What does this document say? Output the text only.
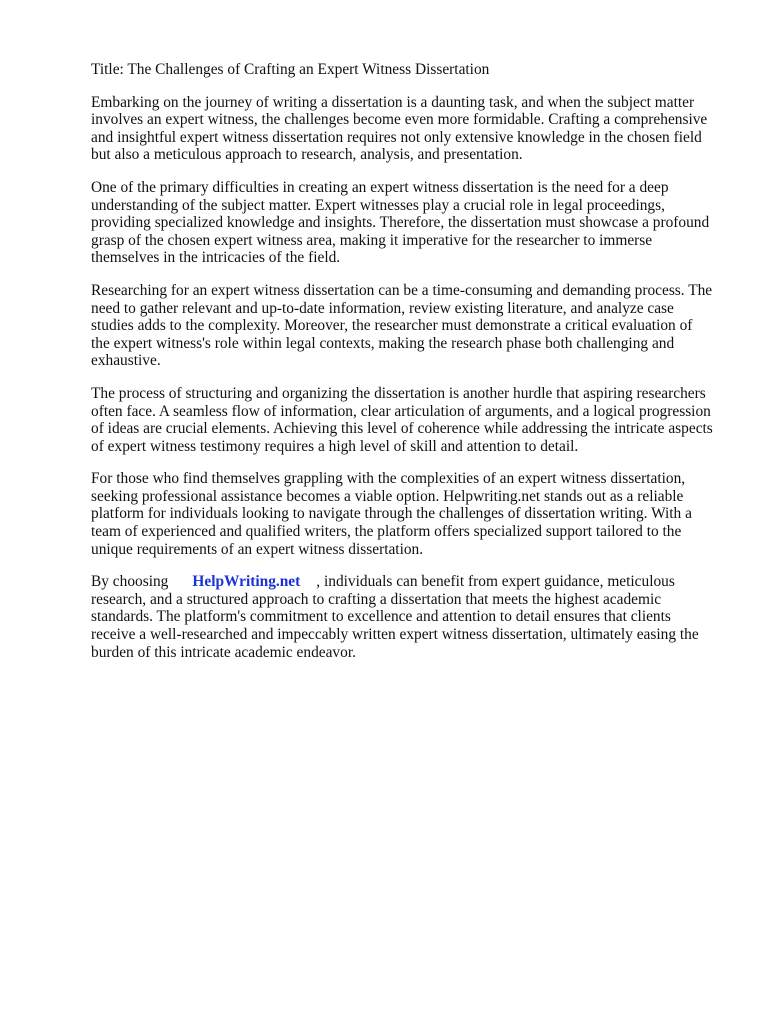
Title: The Challenges of Crafting an Expert Witness Dissertation

Embarking on the journey of writing a dissertation is a daunting task, and when the subject matter

involves an expert witness, the challenges become even more formidable. Crafting a comprehensive

and insightful expert witness dissertation requires not only extensive knowledge in the chosen field

but also a meticulous approach to research, analysis, and presentation.

One of the primary difficulties in creating an expert witness dissertation is the need for a deep

understanding of the subject matter. Expert witnesses play a crucial role in legal proceedings,

providing specialized knowledge and insights. Therefore, the dissertation must showcase a profound

grasp of the chosen expert witness area, making it imperative for the researcher to immerse

themselves in the intricacies of the field.

Researching for an expert witness dissertation can be a time-consuming and demanding process. The

need to gather relevant and up-to-date information, review existing literature, and analyze case

studies adds to the complexity. Moreover, the researcher must demonstrate a critical evaluation of

the expert witness's role within legal contexts, making the research phase both challenging and

exhaustive.

The process of structuring and organizing the dissertation is another hurdle that aspiring researchers

often face. A seamless flow of information, clear articulation of arguments, and a logical progression

of ideas are crucial elements. Achieving this level of coherence while addressing the intricate aspects

of expert witness testimony requires a high level of skill and attention to detail.

For those who find themselves grappling with the complexities of an expert witness dissertation,

seeking professional assistance becomes a viable option. Helpwriting.net stands out as a reliable

platform for individuals looking to navigate through the challenges of dissertation writing. With a

team of experienced and qualified writers, the platform offers specialized support tailored to the

unique requirements of an expert witness dissertation.

By choosing HelpWriting.net , individuals can benefit from expert guidance, meticulous

research, and a structured approach to crafting a dissertation that meets the highest academic

standards. The platform's commitment to excellence and attention to detail ensures that clients

receive a well-researched and impeccably written expert witness dissertation, ultimately easing the

burden of this intricate academic endeavor.
